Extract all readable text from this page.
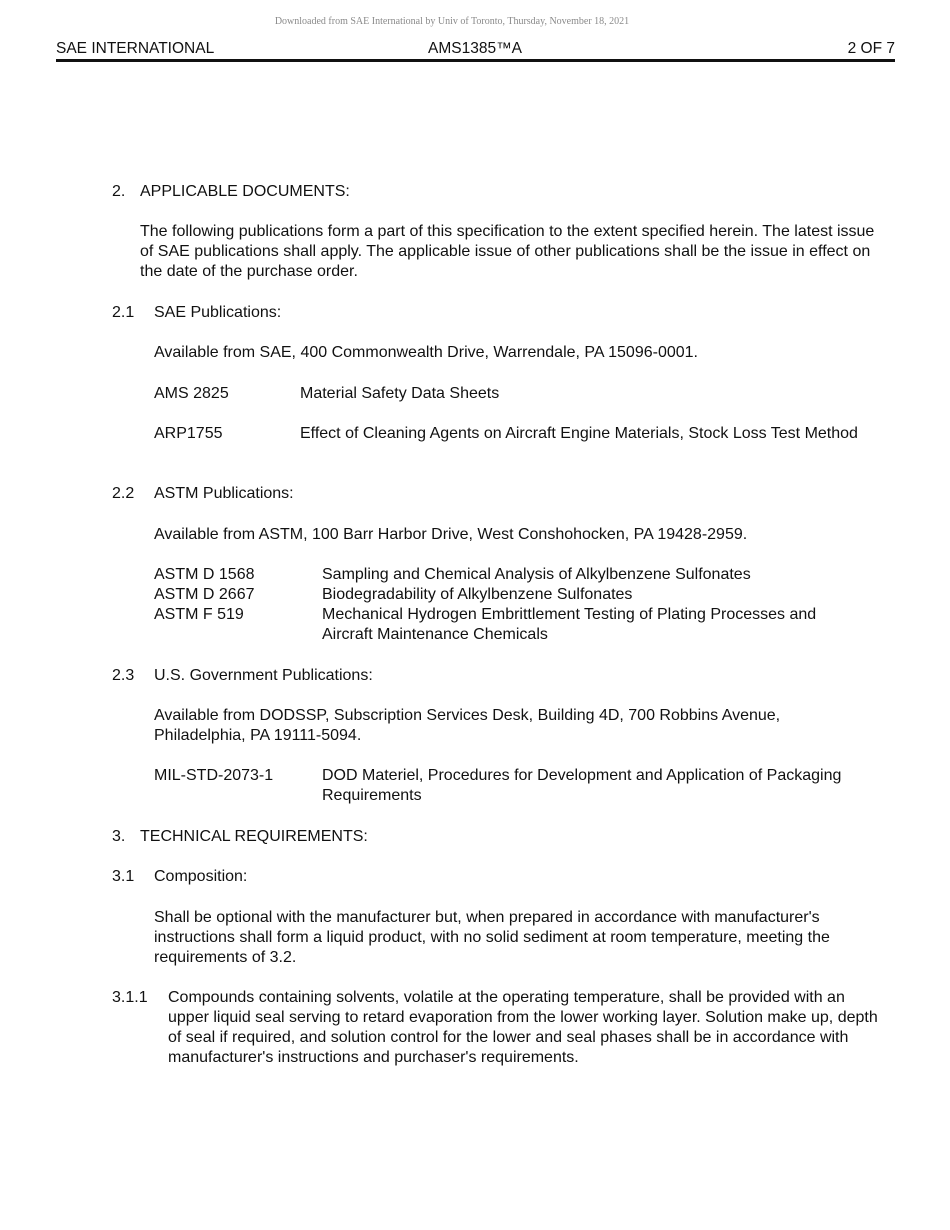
Downloaded from SAE International by Univ of Toronto, Thursday, November 18, 2021
SAE INTERNATIONAL	AMS1385™A	2 OF 7
2. APPLICABLE DOCUMENTS:
The following publications form a part of this specification to the extent specified herein. The latest issue of SAE publications shall apply. The applicable issue of other publications shall be the issue in effect on the date of the purchase order.
2.1 SAE Publications:
Available from SAE, 400 Commonwealth Drive, Warrendale, PA 15096-0001.
AMS 2825	Material Safety Data Sheets
ARP1755	Effect of Cleaning Agents on Aircraft Engine Materials, Stock Loss Test Method
2.2 ASTM Publications:
Available from ASTM, 100 Barr Harbor Drive, West Conshohocken, PA 19428-2959.
ASTM D 1568	Sampling and Chemical Analysis of Alkylbenzene Sulfonates
ASTM D 2667	Biodegradability of Alkylbenzene Sulfonates
ASTM F 519	Mechanical Hydrogen Embrittlement Testing of Plating Processes and Aircraft Maintenance Chemicals
2.3 U.S. Government Publications:
Available from DODSSP, Subscription Services Desk, Building 4D, 700 Robbins Avenue, Philadelphia, PA 19111-5094.
MIL-STD-2073-1	DOD Materiel, Procedures for Development and Application of Packaging Requirements
3. TECHNICAL REQUIREMENTS:
3.1 Composition:
Shall be optional with the manufacturer but, when prepared in accordance with manufacturer's instructions shall form a liquid product, with no solid sediment at room temperature, meeting the requirements of 3.2.
3.1.1 Compounds containing solvents, volatile at the operating temperature, shall be provided with an upper liquid seal serving to retard evaporation from the lower working layer. Solution make up, depth of seal if required, and solution control for the lower and seal phases shall be in accordance with manufacturer's instructions and purchaser's requirements.
